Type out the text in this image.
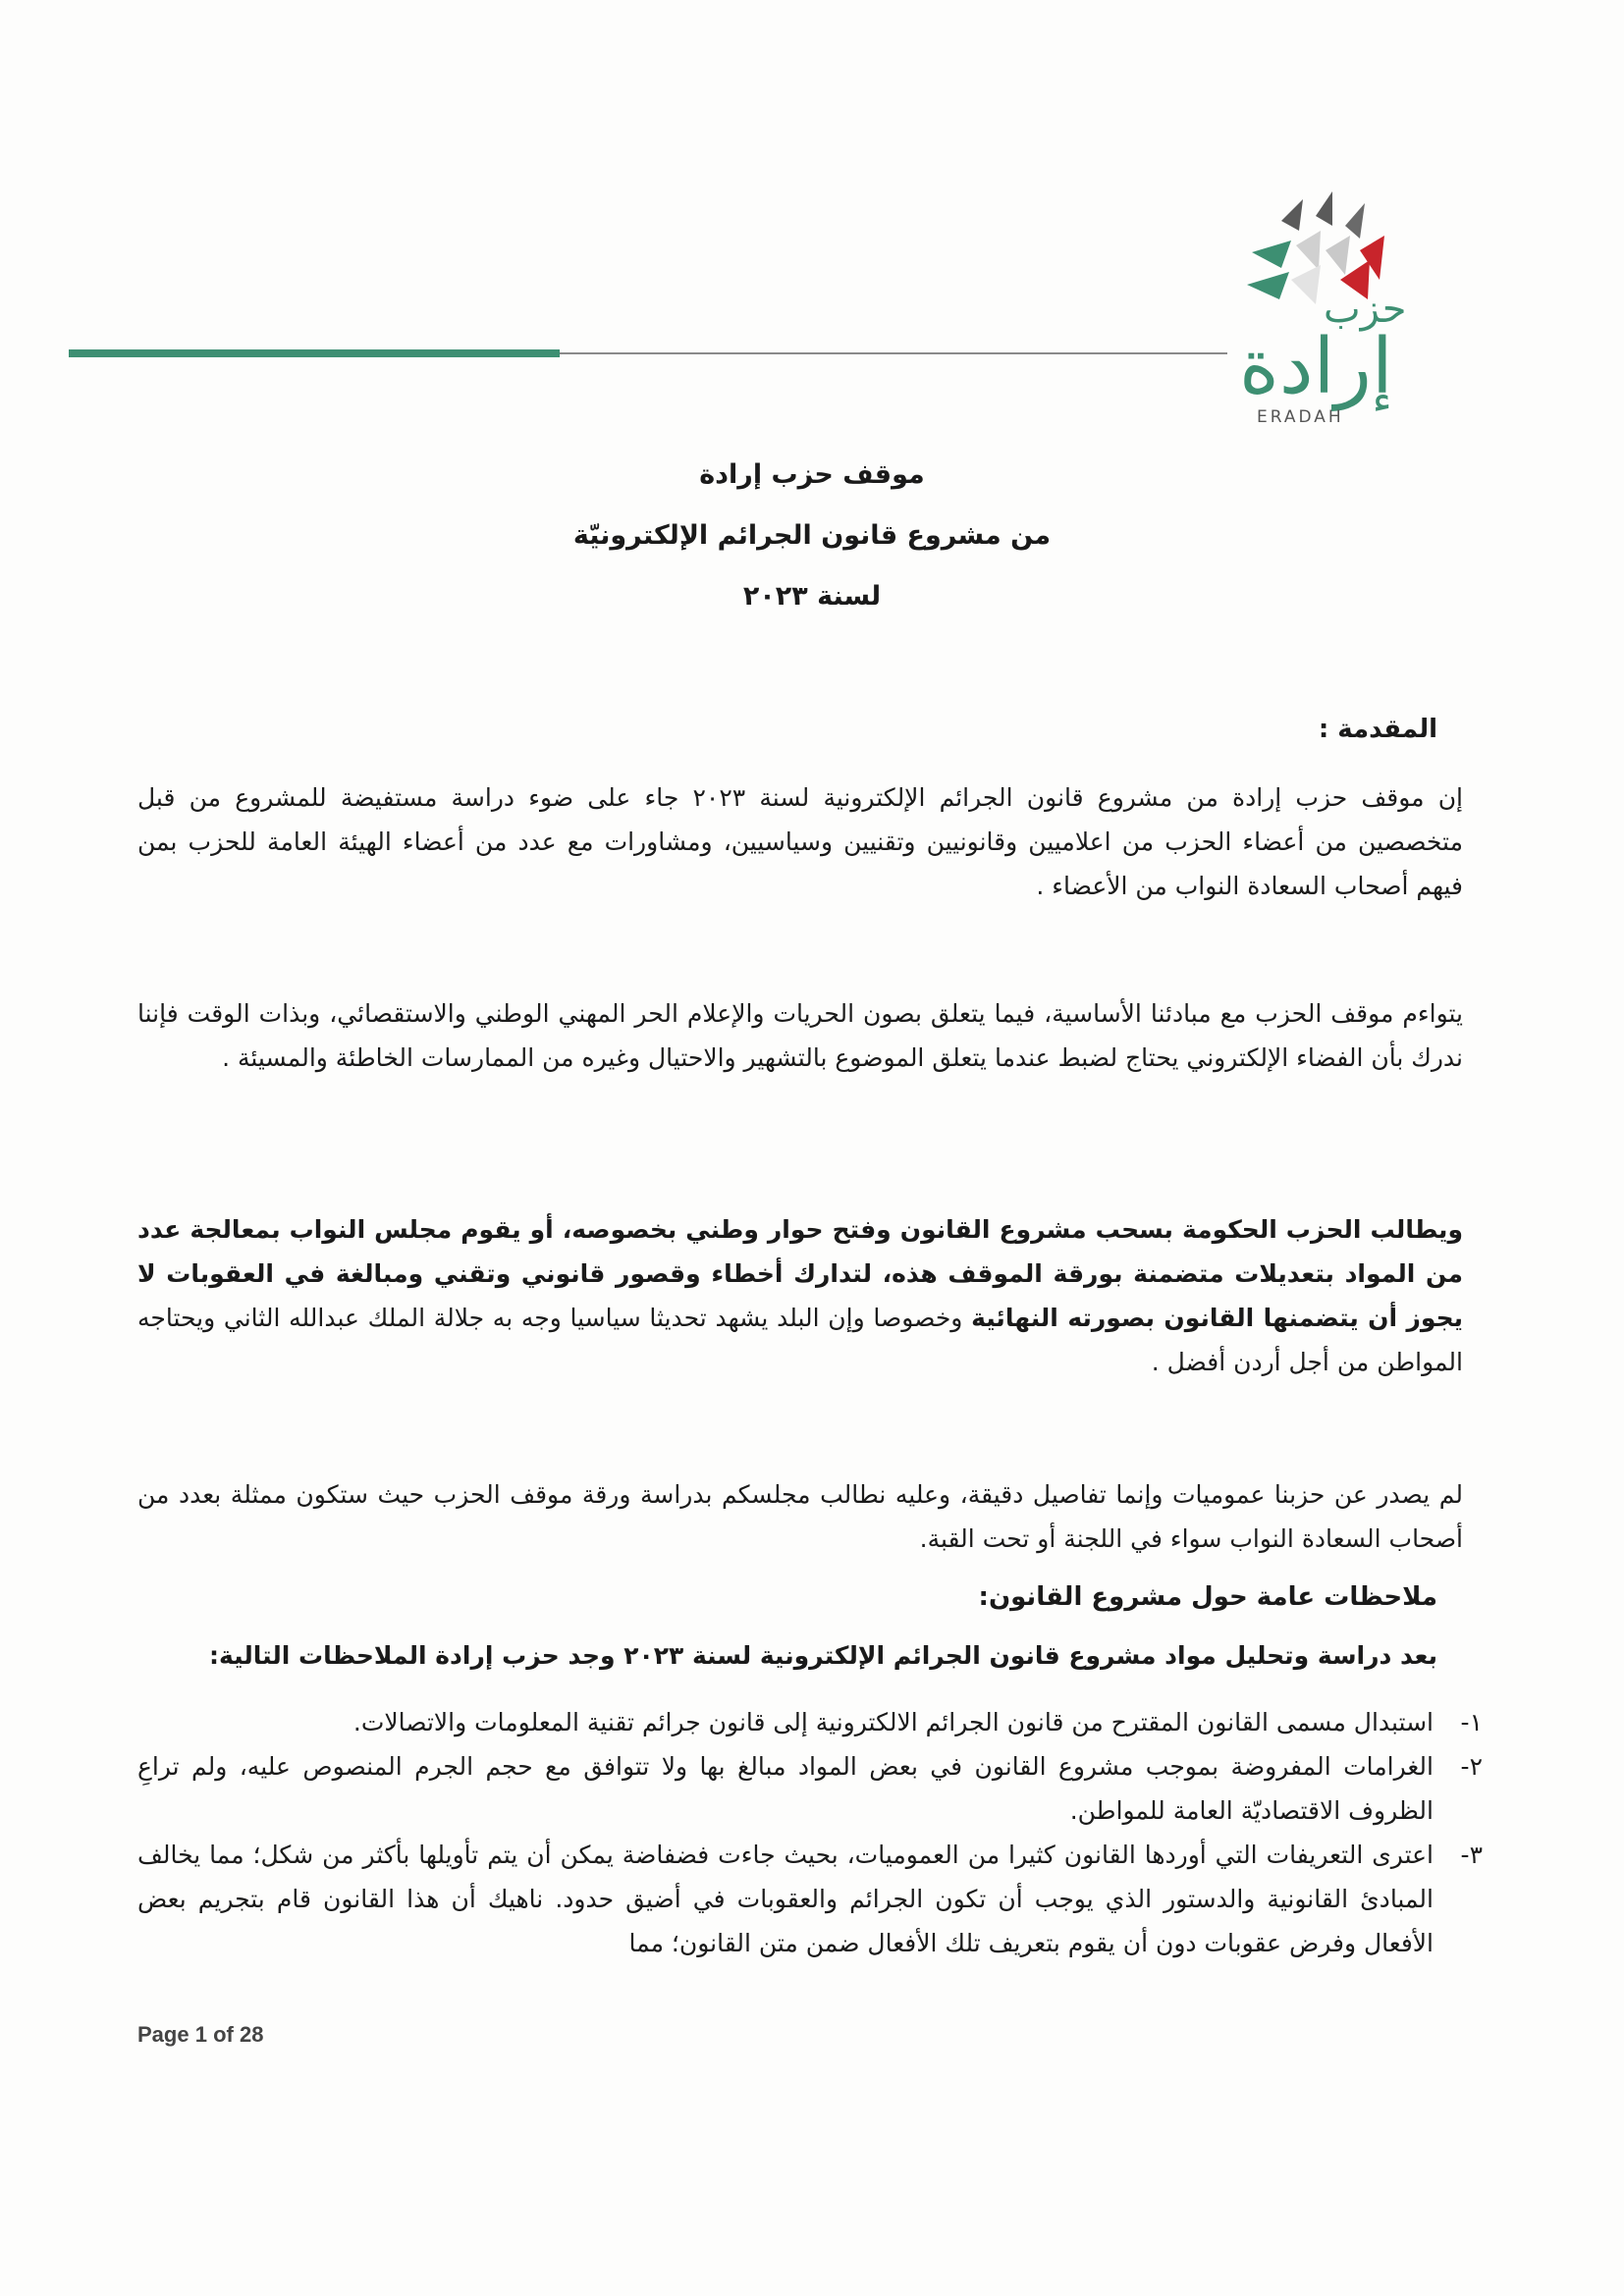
حزب
إرادة
ERADAH
موقف حزب إرادة
من مشروع قانون الجرائم الإلكترونيّة
لسنة ٢٠٢٣
المقدمة :

إن موقف حزب إرادة من مشروع قانون الجرائم الإلكترونية لسنة ٢٠٢٣ جاء على ضوء دراسة مستفيضة للمشروع من قبل متخصصين من أعضاء الحزب من اعلاميين وقانونيين وتقنيين وسياسيين، ومشاورات مع عدد من أعضاء الهيئة العامة للحزب بمن فيهم أصحاب السعادة النواب من الأعضاء .

يتواءم موقف الحزب مع مبادئنا الأساسية، فيما يتعلق بصون الحريات والإعلام الحر المهني الوطني والاستقصائي، وبذات الوقت فإننا ندرك بأن الفضاء الإلكتروني يحتاج لضبط عندما يتعلق الموضوع بالتشهير والاحتيال وغيره من الممارسات الخاطئة والمسيئة .

ويطالب الحزب الحكومة بسحب مشروع القانون وفتح حوار وطني بخصوصه، أو يقوم مجلس النواب بمعالجة عدد من المواد بتعديلات متضمنة بورقة الموقف هذه، لتدارك أخطاء وقصور قانوني وتقني ومبالغة في العقوبات لا يجوز أن يتضمنها القانون بصورته النهائية وخصوصا وإن البلد يشهد تحديثا سياسيا وجه به جلالة الملك عبدالله الثاني ويحتاجه المواطن من أجل أردن أفضل .

لم يصدر عن حزبنا عموميات وإنما تفاصيل دقيقة، وعليه نطالب مجلسكم بدراسة ورقة موقف الحزب حيث ستكون ممثلة بعدد من أصحاب السعادة النواب سواء في اللجنة أو تحت القبة.

ملاحظات عامة حول مشروع القانون:
بعد دراسة وتحليل مواد مشروع قانون الجرائم الإلكترونية لسنة ٢٠٢٣ وجد حزب إرادة الملاحظات التالية:
١-
استبدال مسمى القانون المقترح من قانون الجرائم الالكترونية إلى قانون جرائم تقنية المعلومات والاتصالات.
٢-
الغرامات المفروضة بموجب مشروع القانون في بعض المواد مبالغ بها ولا تتوافق مع حجم الجرم المنصوص عليه، ولم تراعِ الظروف الاقتصاديّة العامة للمواطن.
٣-
اعترى التعريفات التي أوردها القانون كثيرا من العموميات، بحيث جاءت فضفاضة يمكن أن يتم تأويلها بأكثر من شكل؛ مما يخالف المبادئ القانونية والدستور الذي يوجب أن تكون الجرائم والعقوبات في أضيق حدود. ناهيك أن هذا القانون قام بتجريم بعض الأفعال وفرض عقوبات دون أن يقوم بتعريف تلك الأفعال ضمن متن القانون؛ مما
Page 1 of 28
